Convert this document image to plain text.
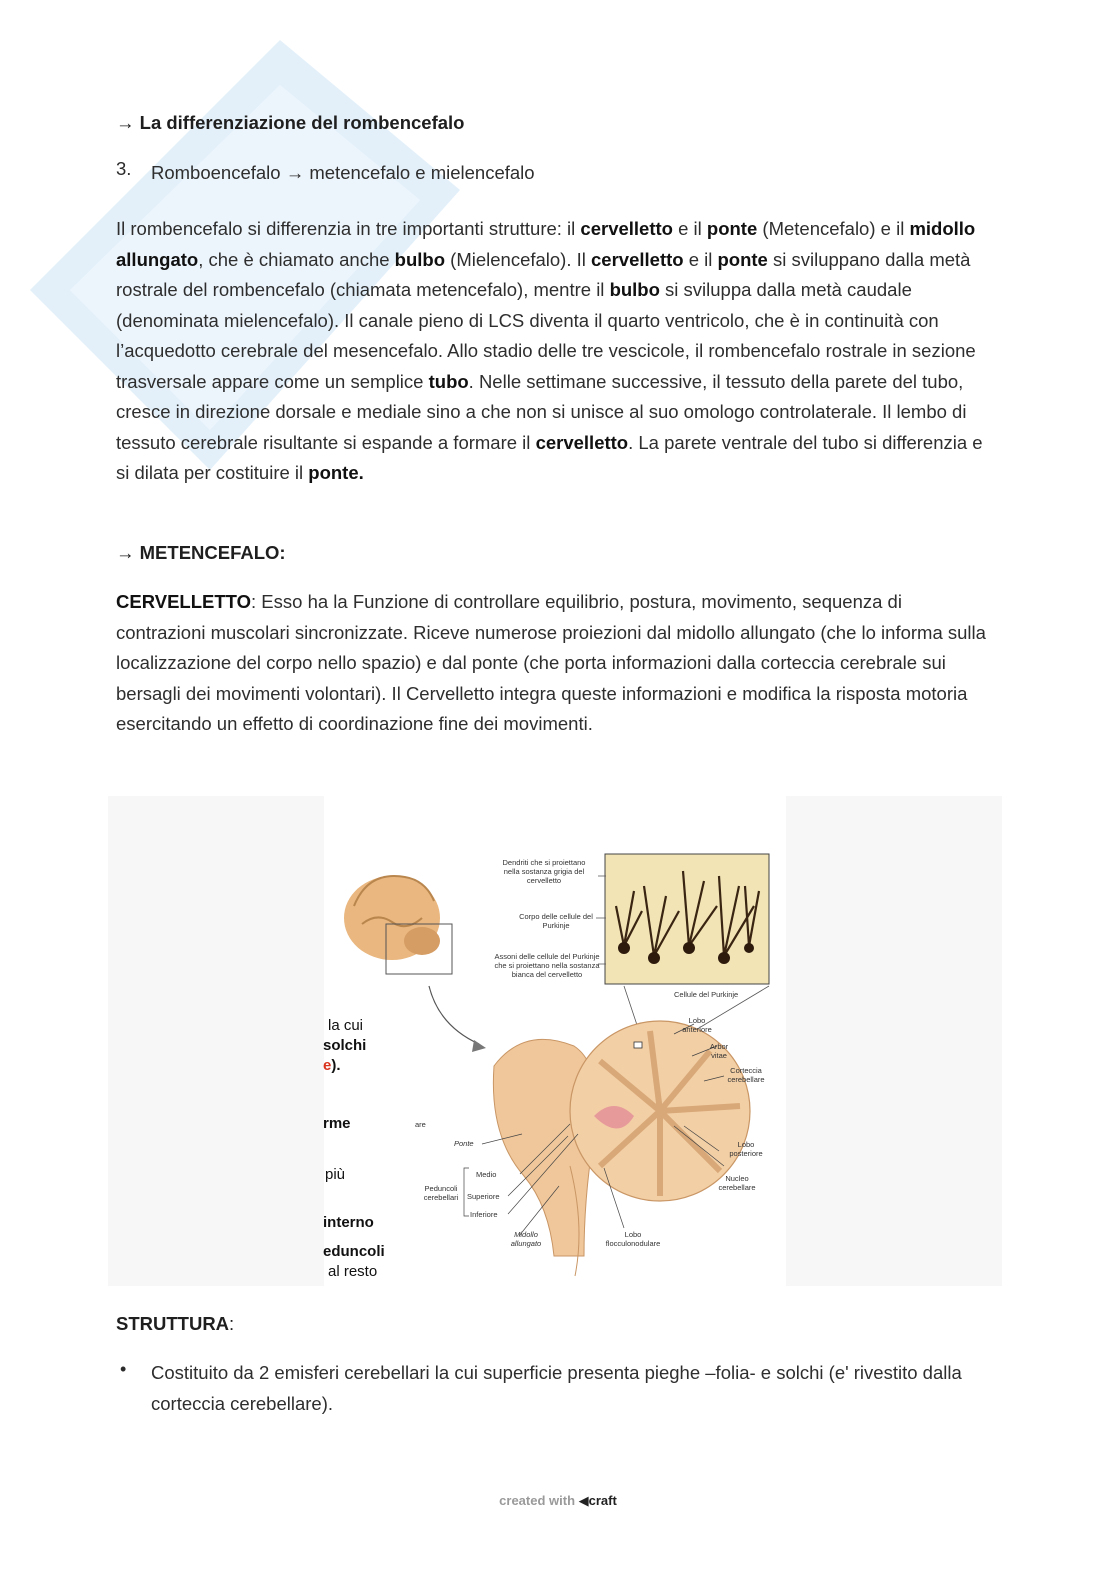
→ La differenziazione del rombencefalo
3. Romboencefalo → metencefalo e mielencefalo
Il rombencefalo si differenzia in tre importanti strutture: il cervelletto e il ponte (Metencefalo) e il midollo allungato, che è chiamato anche bulbo (Mielencefalo). Il cervelletto e il ponte si sviluppano dalla metà rostrale del rombencefalo (chiamata metencefalo), mentre il bulbo si sviluppa dalla metà caudale (denominata mielencefalo). Il canale pieno di LCS diventa il quarto ventricolo, che è in continuità con l’acquedotto cerebrale del mesencefalo. Allo stadio delle tre vescicole, il rombencefalo rostrale in sezione trasversale appare come un semplice tubo. Nelle settimane successive, il tessuto della parete del tubo, cresce in direzione dorsale e mediale sino a che non si unisce al suo omologo controlaterale. Il lembo di tessuto cerebrale risultante si espande a formare il cervelletto. La parete ventrale del tubo si differenzia e si dilata per costituire il ponte.
→ METENCEFALO:
CERVELLETTO: Esso ha la Funzione di controllare equilibrio, postura, movimento, sequenza di contrazioni muscolari sincronizzate. Riceve numerose proiezioni dal midollo allungato (che lo informa sulla localizzazione del corpo nello spazio) e dal ponte (che porta informazioni dalla corteccia cerebrale sui bersagli dei movimenti volontari). Il Cervelletto integra queste informazioni e modifica la risposta motoria esercitando un effetto di coordinazione fine dei movimenti.
la cui
solchi
e).
rme	are
più
interno
eduncoli
al resto
Dendriti che si proiettano nella sostanza grigia del cervelletto
Corpo delle cellule del Purkinje
Assoni delle cellule del Purkinje che si proiettano nella sostanza bianca del cervelletto
Cellule del Purkinje
Lobo anteriore
Arbor vitae
Corteccia cerebellare
Ponte
Medio
Peduncoli cerebellari	Superiore
Inferiore
Lobo posteriore
Nucleo cerebellare
Midollo allungato
Lobo flocculonodulare
STRUTTURA:
• Costituito da 2 emisferi cerebellari la cui superficie presenta pieghe –folia- e solchi (e' rivestito dalla corteccia cerebellare).
created with ◀craft
